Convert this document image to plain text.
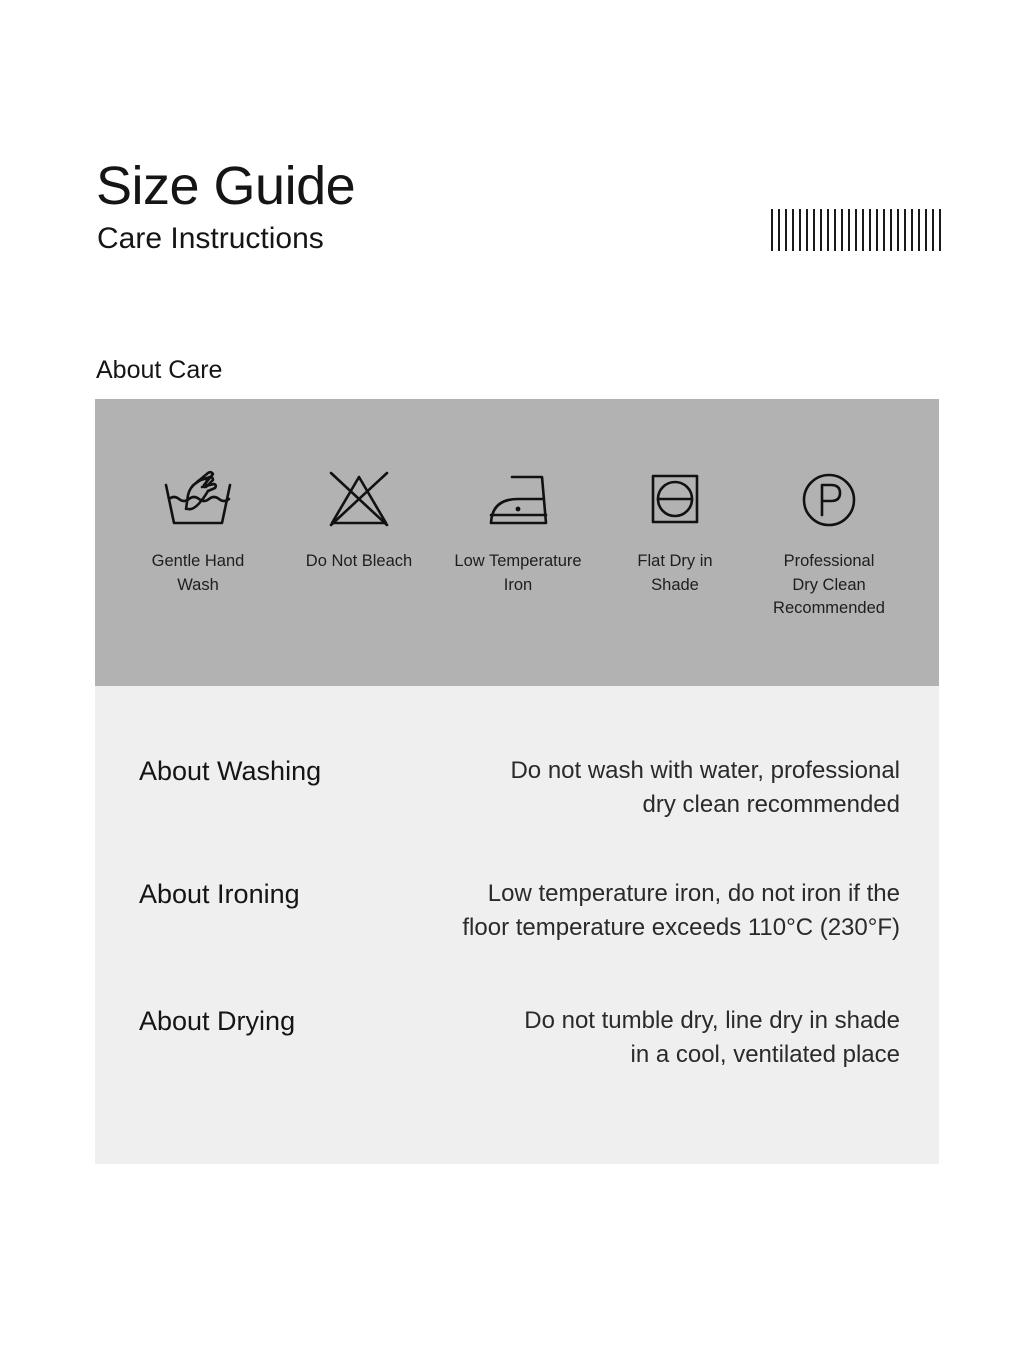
Size Guide
Care Instructions
About Care
Gentle Hand
Wash
Do Not Bleach	Low Temperature
Iron
Flat Dry in
Shade
Professional
Dry Clean
Recommended
About Washing	Do not wash with water, professional
dry clean recommended

About Ironing	Low temperature iron, do not iron if the
floor temperature exceeds 110°C (230°F)

About Drying	Do not tumble dry, line dry in shade
in a cool, ventilated place
